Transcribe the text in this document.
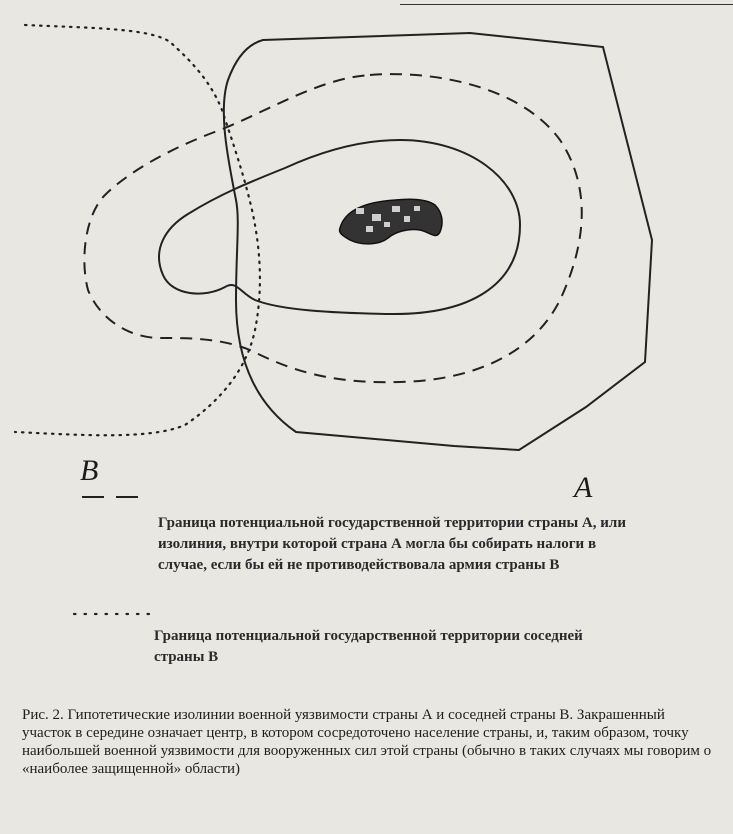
B
A
Граница потенциальной государственной территории страны А, или изолиния, внутри которой страна А могла бы собирать налоги в случае, если бы ей не противодействовала армия страны В
Граница потенциальной государственной территории соседней страны В
Рис. 2. Гипотетические изолинии военной уязвимости страны А и соседней страны В. Закрашенный участок в середине означает центр, в котором сосредоточено население страны, и, таким образом, точку наибольшей военной уязвимости для вооруженных сил этой страны (обычно в таких случаях мы говорим о «наиболее защищенной» области)
